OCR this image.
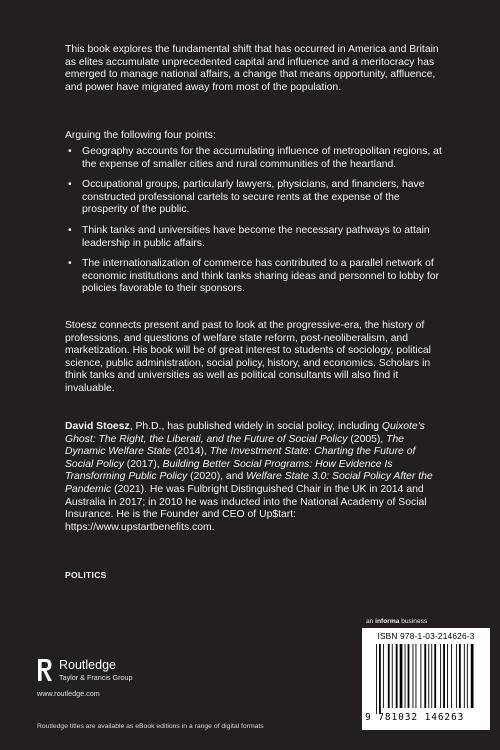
This book explores the fundamental shift that has occurred in America and Britain as elites accumulate unprecedented capital and influence and a meritocracy has emerged to manage national affairs, a change that means opportunity, affluence, and power have migrated away from most of the population.

Arguing the following four points:

• Geography accounts for the accumulating influence of metropolitan regions, at the expense of smaller cities and rural communities of the heartland.
• Occupational groups, particularly lawyers, physicians, and financiers, have constructed professional cartels to secure rents at the expense of the prosperity of the public.
• Think tanks and universities have become the necessary pathways to attain leadership in public affairs.
• The internationalization of commerce has contributed to a parallel network of economic institutions and think tanks sharing ideas and personnel to lobby for policies favorable to their sponsors.

Stoesz connects present and past to look at the progressive-era, the history of professions, and questions of welfare state reform, post-neoliberalism, and marketization. His book will be of great interest to students of sociology, political science, public administration, social policy, history, and economics. Scholars in think tanks and universities as well as political consultants will also find it invaluable.

David Stoesz, Ph.D., has published widely in social policy, including Quixote's Ghost: The Right, the Liberati, and the Future of Social Policy (2005), The Dynamic Welfare State (2014), The Investment State: Charting the Future of Social Policy (2017), Building Better Social Programs: How Evidence Is Transforming Public Policy (2020), and Welfare State 3.0: Social Policy After the Pandemic (2021). He was Fulbright Distinguished Chair in the UK in 2014 and Australia in 2017; in 2010 he was inducted into the National Academy of Social Insurance. He is the Founder and CEO of Up$tart: https://www.upstartbenefits.com.

POLITICS
an informa business
Routledge
Taylor & Francis Group
www.routledge.com
Routledge titles are available as eBook editions in a range of digital formats
ISBN 978-1-03-214626-3
9 781032 146263
